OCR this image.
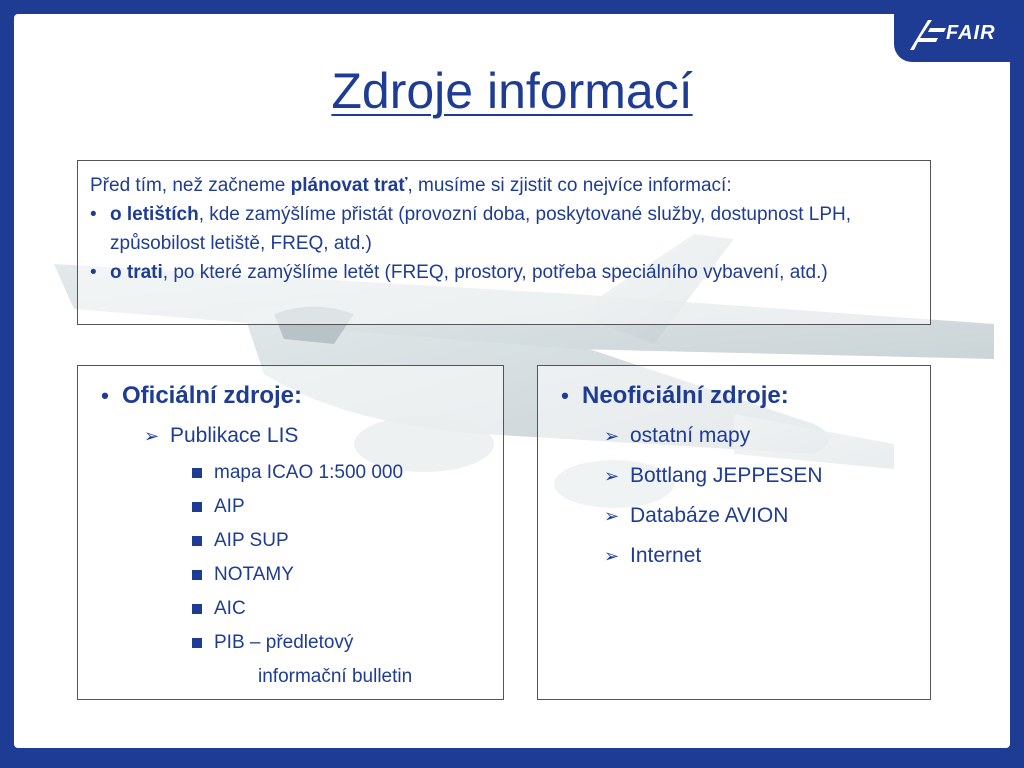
FAIR
Zdroje informací

Před tím, než začneme plánovat trať, musíme si zjistit co nejvíce informací:

• o letištích, kde zamýšlíme přistát (provozní doba, poskytované služby, dostupnost LPH, způsobilost letiště, FREQ, atd.)
• o trati, po které zamýšlíme letět (FREQ, prostory, potřeba speciálního vybavení, atd.)
• Oficiální zdroje:
➢ Publikace LIS
mapa ICAO 1:500 000
AIP
AIP SUP
NOTAMY
AIC
PIB – předletový
informační bulletin
• Neoficiální zdroje:
➢ ostatní mapy
➢ Bottlang JEPPESEN
➢ Databáze AVION
➢ Internet
